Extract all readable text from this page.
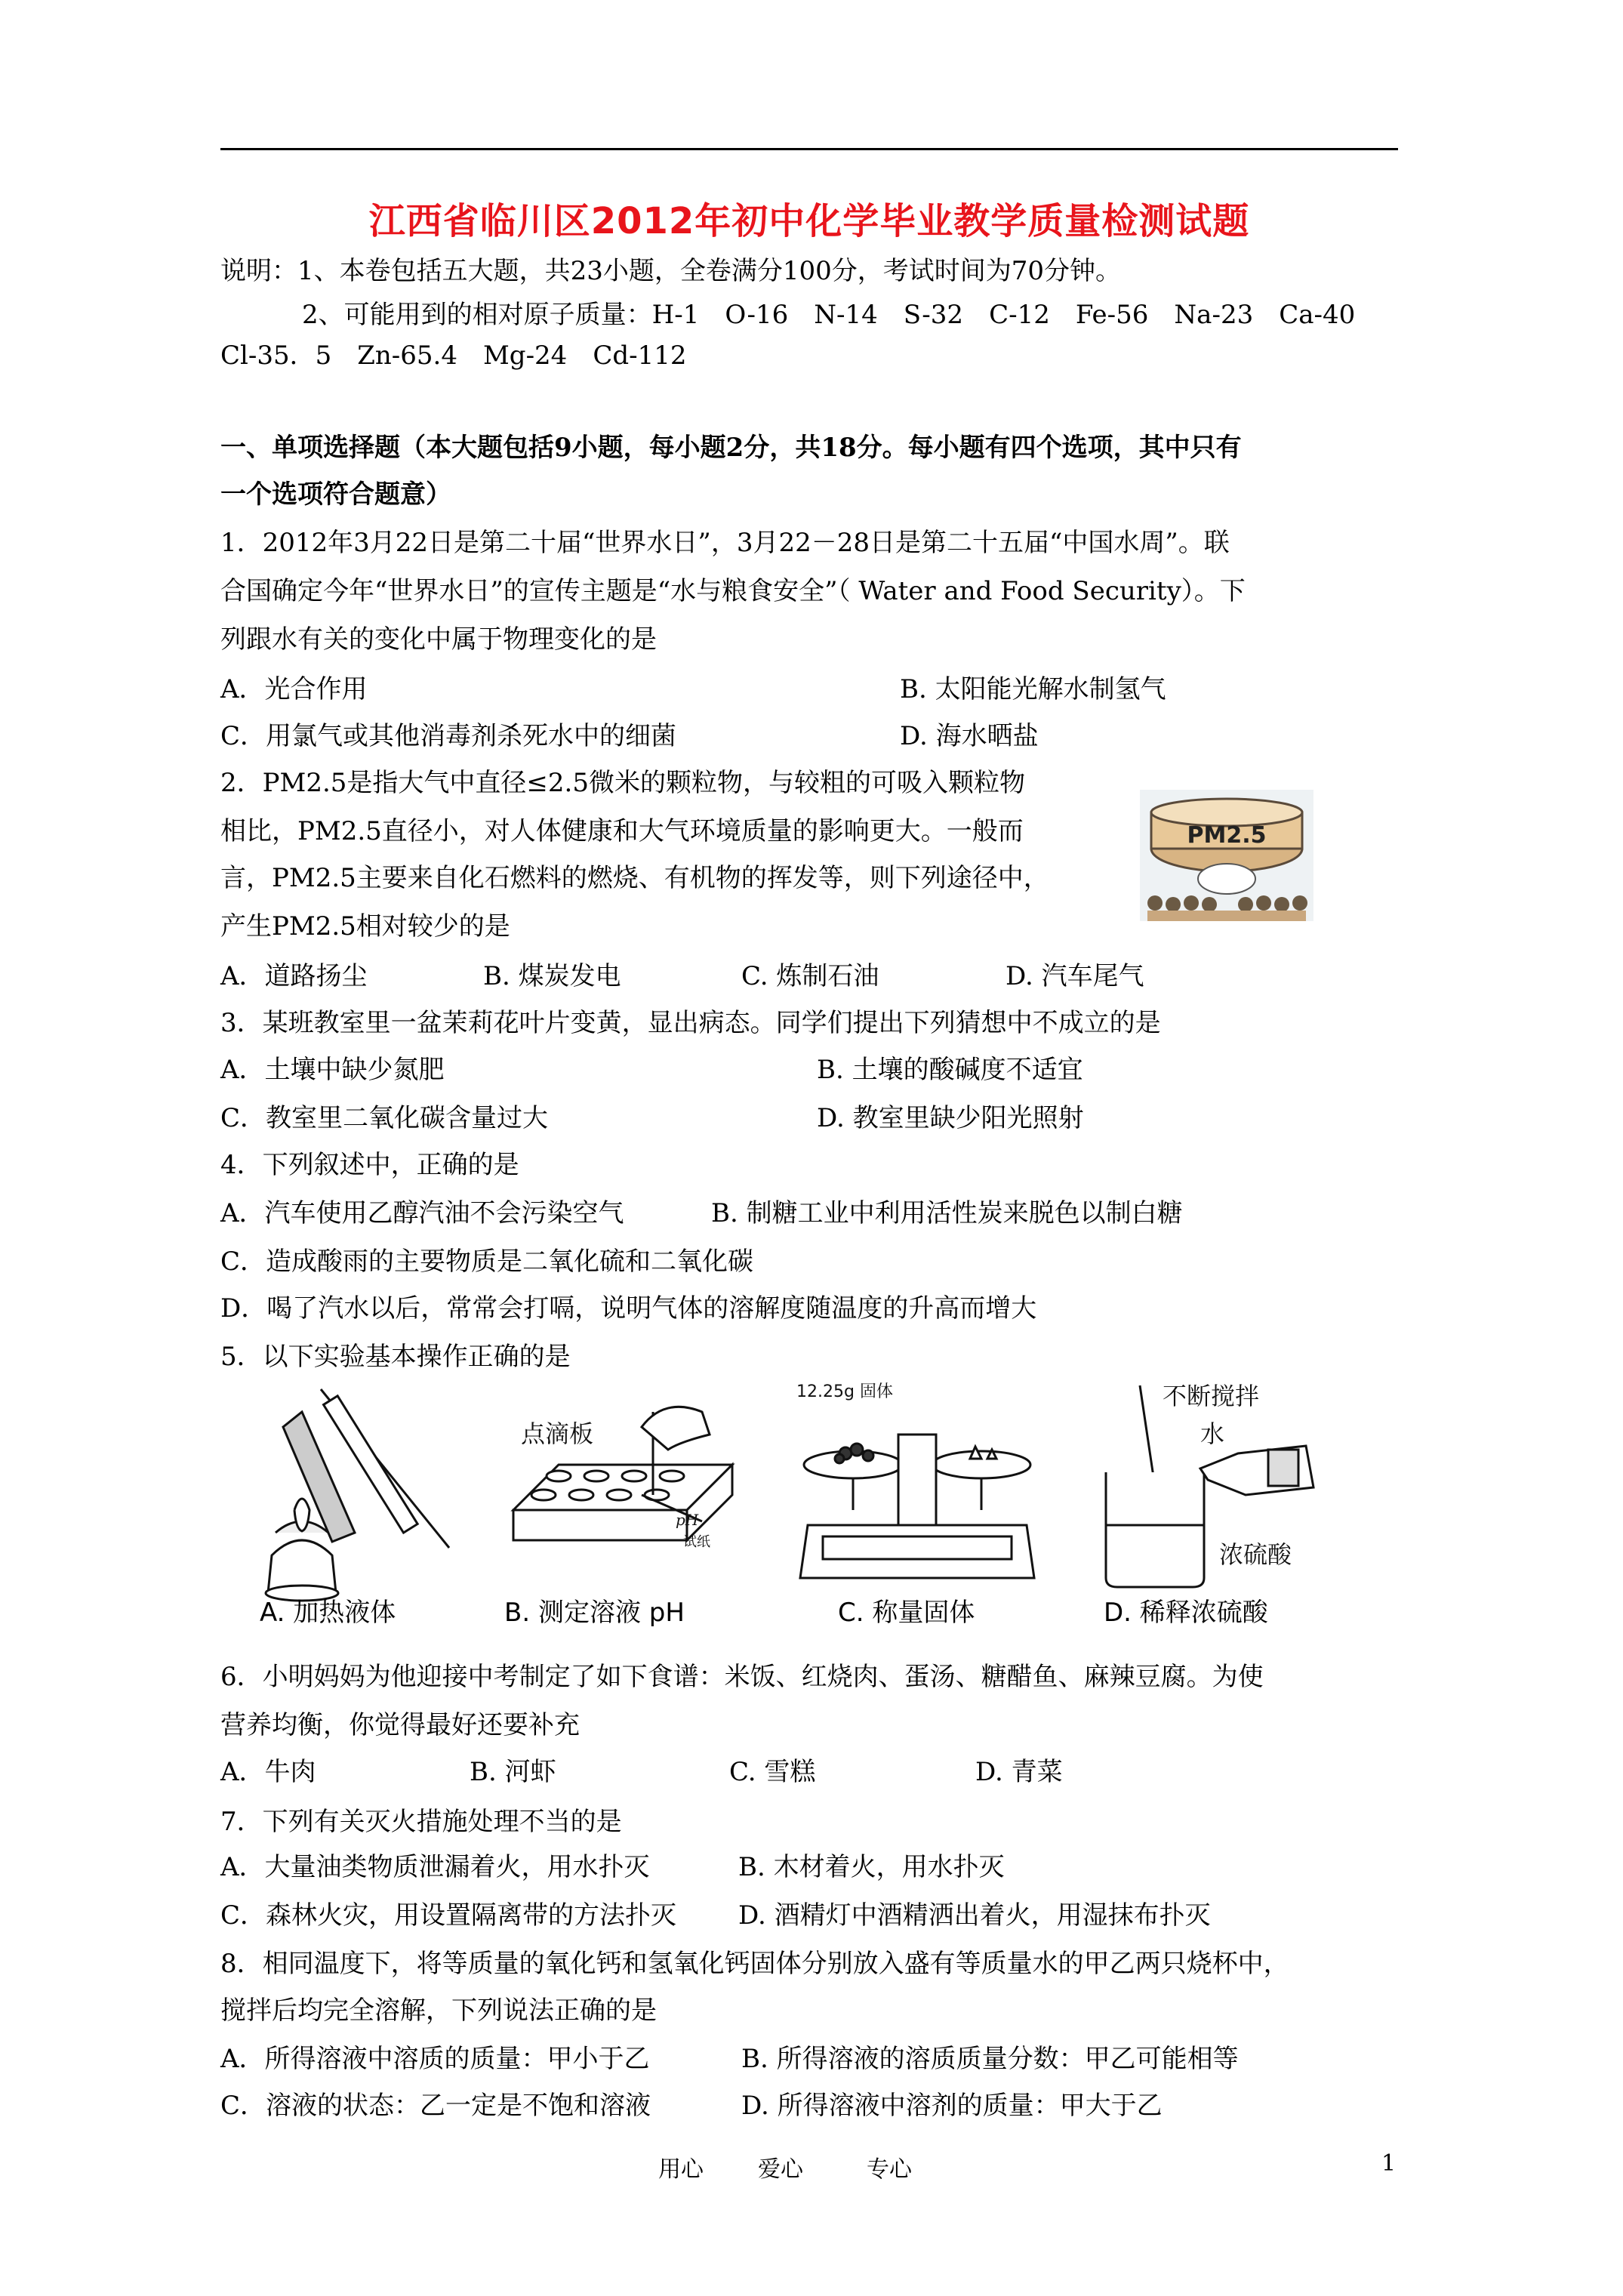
江西省临川区2012年初中化学毕业教学质量检测试题
说明：1、本卷包括五大题，共23小题，全卷满分100分，考试时间为70分钟。
2、可能用到的相对原子质量：H-1　O-16　N-14　S-32　C-12　Fe-56　Na-23　Ca-40
Cl-35．5　Zn-65.4　Mg-24　Cd-112
一、单项选择题（本大题包括9小题，每小题2分，共18分。每小题有四个选项，其中只有
一个选项符合题意）
1．2012年3月22日是第二十届“世界水日”，3月22－28日是第二十五届“中国水周”。联
合国确定今年“世界水日”的宣传主题是“水与粮食安全”（ Water and Food Security）。下
列跟水有关的变化中属于物理变化的是
A．光合作用	B. 太阳能光解水制氢气
C．用氯气或其他消毒剂杀死水中的细菌	D. 海水晒盐
2．PM2.5是指大气中直径≤2.5微米的颗粒物，与较粗的可吸入颗粒物
相比，PM2.5直径小，对人体健康和大气环境质量的影响更大。一般而
言，PM2.5主要来自化石燃料的燃烧、有机物的挥发等，则下列途径中，
产生PM2.5相对较少的是
PM2.5
A．道路扬尘	B. 煤炭发电	C. 炼制石油	D. 汽车尾气
3．某班教室里一盆茉莉花叶片变黄，显出病态。同学们提出下列猜想中不成立的是
A．土壤中缺少氮肥	B. 土壤的酸碱度不适宜
C．教室里二氧化碳含量过大	D. 教室里缺少阳光照射
4．下列叙述中，正确的是
A．汽车使用乙醇汽油不会污染空气	B. 制糖工业中利用活性炭来脱色以制白糖
C．造成酸雨的主要物质是二氧化硫和二氧化碳
D．喝了汽水以后，常常会打嗝，说明气体的溶解度随温度的升高而增大
5．以下实验基本操作正确的是
A. 加热液体
点滴板
pH
试纸
B. 测定溶液 pH
12.25g 固体
C. 称量固体
不断搅拌
水
浓硫酸
D. 稀释浓硫酸
6．小明妈妈为他迎接中考制定了如下食谱：米饭、红烧肉、蛋汤、糖醋鱼、麻辣豆腐。为使
营养均衡，你觉得最好还要补充
A．牛肉	B. 河虾	C. 雪糕	D. 青菜
7．下列有关灭火措施处理不当的是
A．大量油类物质泄漏着火，用水扑灭	B. 木材着火，用水扑灭
C．森林火灾，用设置隔离带的方法扑灭 D. 酒精灯中酒精洒出着火，用湿抹布扑灭
8．相同温度下，将等质量的氧化钙和氢氧化钙固体分别放入盛有等质量水的甲乙两只烧杯中，
搅拌后均完全溶解，下列说法正确的是
A．所得溶液中溶质的质量：甲小于乙	B. 所得溶液的溶质质量分数：甲乙可能相等
C．溶液的状态：乙一定是不饱和溶液	D. 所得溶液中溶剂的质量：甲大于乙
用心 爱心	专心	1
